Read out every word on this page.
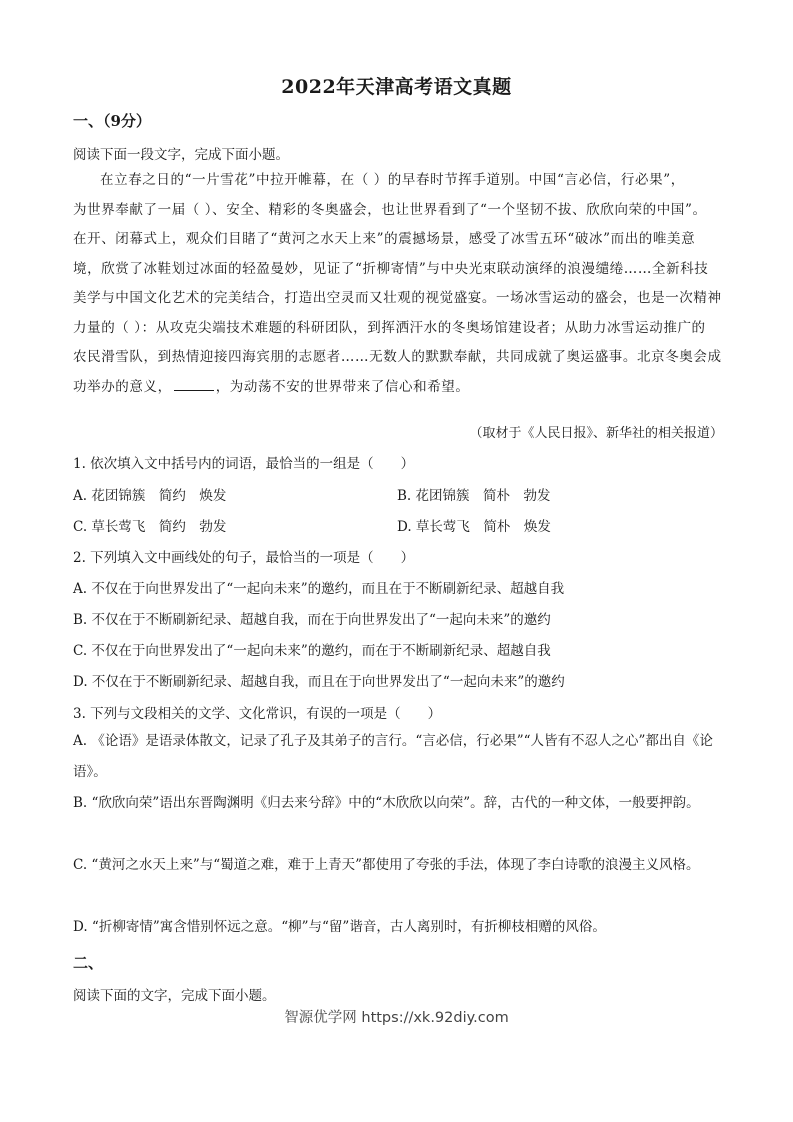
2022年天津高考语文真题
一、（9分）
阅读下面一段文字，完成下面小题。
在立春之日的“一片雪花”中拉开帷幕，在（ ）的早春时节挥手道别。中国“言必信，行必果”，
为世界奉献了一届（ ）、安全、精彩的冬奥盛会，也让世界看到了“一个坚韧不拔、欣欣向荣的中国”。
在开、闭幕式上，观众们目睹了“黄河之水天上来”的震撼场景，感受了冰雪五环“破冰”而出的唯美意
境，欣赏了冰鞋划过冰面的轻盈曼妙，见证了“折柳寄情”与中央光束联动演绎的浪漫缱绻……全新科技
美学与中国文化艺术的完美结合，打造出空灵而又壮观的视觉盛宴。一场冰雪运动的盛会，也是一次精神
力量的（ ）：从攻克尖端技术难题的科研团队，到挥洒汗水的冬奥场馆建设者；从助力冰雪运动推广的
农民滑雪队，到热情迎接四海宾朋的志愿者……无数人的默默奉献，共同成就了奥运盛事。北京冬奥会成
功举办的意义，	，为动荡不安的世界带来了信心和希望。
（取材于《人民日报》、新华社的相关报道）
1. 依次填入文中括号内的词语，最恰当的一组是（　　）
A. 花团锦簇　简约　焕发	B. 花团锦簇　简朴　勃发
C. 草长莺飞　简约　勃发	D. 草长莺飞　简朴　焕发
2. 下列填入文中画线处的句子，最恰当的一项是（　　）
A. 不仅在于向世界发出了“一起向未来”的邀约，而且在于不断刷新纪录、超越自我
B. 不仅在于不断刷新纪录、超越自我，而在于向世界发出了“一起向未来”的邀约
C. 不仅在于向世界发出了“一起向未来”的邀约，而在于不断刷新纪录、超越自我
D. 不仅在于不断刷新纪录、超越自我，而且在于向世界发出了“一起向未来”的邀约
3. 下列与文段相关的文学、文化常识，有误的一项是（　　）
A. 《论语》是语录体散文，记录了孔子及其弟子的言行。“言必信，行必果”“人皆有不忍人之心”都出自《论语》。
B. “欣欣向荣”语出东晋陶渊明《归去来兮辞》中的“木欣欣以向荣”。辞，古代的一种文体，一般要押韵。
C. “黄河之水天上来”与“蜀道之难，难于上青天”都使用了夸张的手法，体现了李白诗歌的浪漫主义风格。
D. “折柳寄情”寓含惜别怀远之意。“柳”与“留”谐音，古人离别时，有折柳枝相赠的风俗。
二、
阅读下面的文字，完成下面小题。
智源优学网 https://xk.92diy.com
